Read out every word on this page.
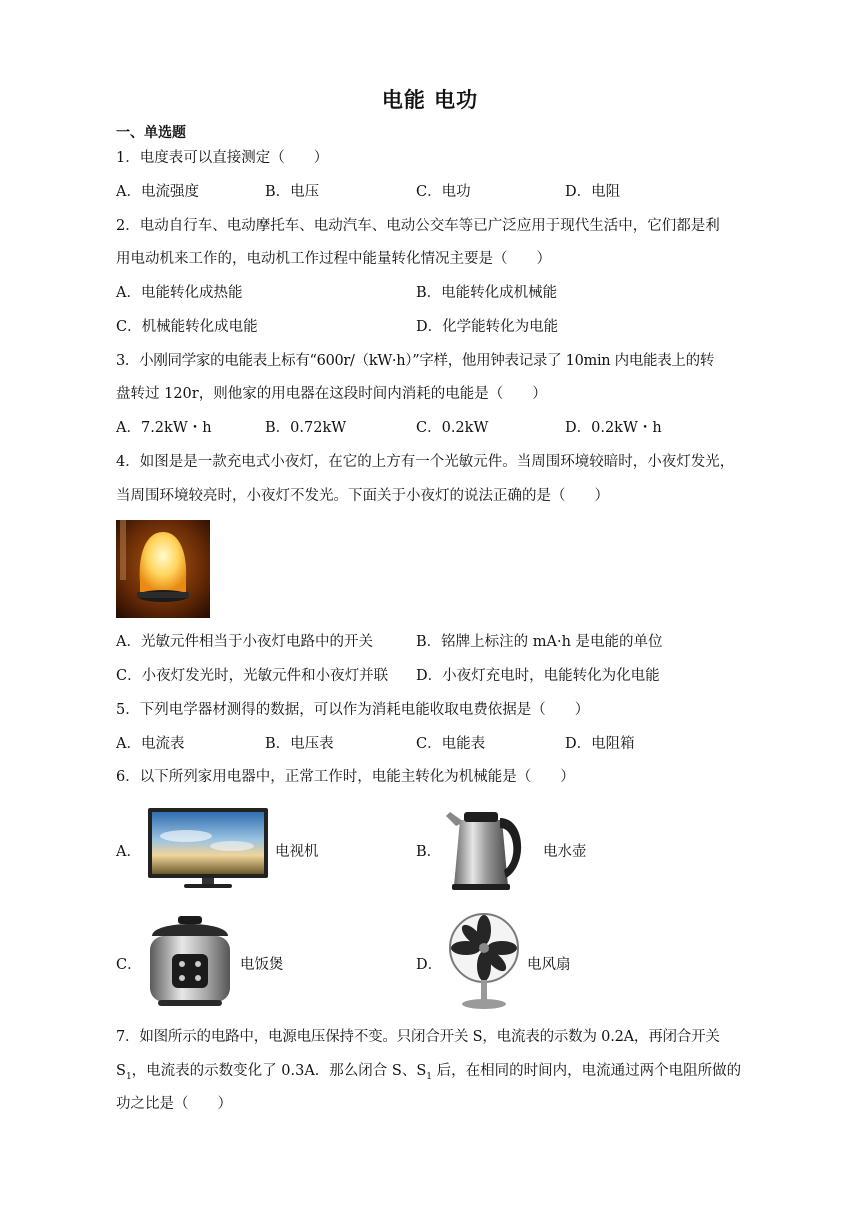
电能 电功
一、单选题
1．电度表可以直接测定（　　）
A．电流强度	B．电压	C．电功	D．电阻
2．电动自行车、电动摩托车、电动汽车、电动公交车等已广泛应用于现代生活中，它们都是利
用电动机来工作的，电动机工作过程中能量转化情况主要是（　　）
A．电能转化成热能	B．电能转化成机械能
C．机械能转化成电能	D．化学能转化为电能
3．小刚同学家的电能表上标有“600r/（kW·h）”字样，他用钟表记录了 10min 内电能表上的转
盘转过 120r，则他家的用电器在这段时间内消耗的电能是（　　）
A．7.2kW・h	B．0.72kW	C．0.2kW	D．0.2kW・h
4．如图是是一款充电式小夜灯，在它的上方有一个光敏元件。当周围环境较暗时，小夜灯发光，
当周围环境较亮时，小夜灯不发光。下面关于小夜灯的说法正确的是（　　）
A．光敏元件相当于小夜灯电路中的开关	B．铭牌上标注的 mA·h 是电能的单位
C．小夜灯发光时，光敏元件和小夜灯并联 D．小夜灯充电时，电能转化为化电能
5．下列电学器材测得的数据，可以作为消耗电能收取电费依据是（　　）
A．电流表	B．电压表	C．电能表	D．电阻箱
6．以下所列家用电器中，正常工作时，电能主转化为机械能是（　　）
A．	电视机	B．	电水壶
C．	电饭煲	D．	电风扇
7．如图所示的电路中，电源电压保持不变。只闭合开关 S，电流表的示数为 0.2A，再闭合开关
$S_1$，电流表的示数变化了 0.3A．那么闭合 S、$S_1$ 后，在相同的时间内，电流通过两个电阻所做的
功之比是（　　）
